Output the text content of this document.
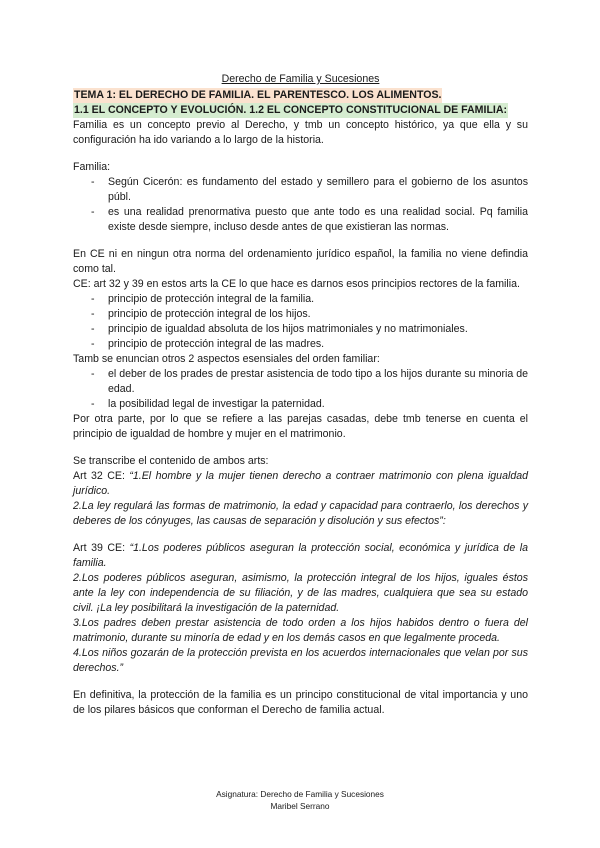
Derecho de Familia y Sucesiones
TEMA 1: EL DERECHO DE FAMILIA. EL PARENTESCO. LOS ALIMENTOS.
1.1 EL CONCEPTO Y EVOLUCIÓN. 1.2 EL CONCEPTO CONSTITUCIONAL DE FAMILIA:

Familia es un concepto previo al Derecho, y tmb un concepto histórico, ya que ella y su configuración ha ido variando a lo largo de la historia.

Familia:

- Según Cicerón: es fundamento del estado y semillero para el gobierno de los asuntos públ.
- es una realidad prenormativa puesto que ante todo es una realidad social. Pq familia existe desde siempre, incluso desde antes de que existieran las normas.

En CE ni en ningun otra norma del ordenamiento jurídico español, la familia no viene defindia como tal.

CE: art 32 y 39 en estos arts la CE lo que hace es darnos esos principios rectores de la familia.

- principio de protección integral de la familia.
- principio de protección integral de los hijos.
- principio de igualdad absoluta de los hijos matrimoniales y no matrimoniales.
- principio de protección integral de las madres.

Tamb se enuncian otros 2 aspectos esensiales del orden familiar:

- el deber de los prades de prestar asistencia de todo tipo a los hijos durante su minoria de edad.
- la posibilidad legal de investigar la paternidad.

Por otra parte, por lo que se refiere a las parejas casadas, debe tmb tenerse en cuenta el principio de igualdad de hombre y mujer en el matrimonio.

Se transcribe el contenido de ambos arts:

Art 32 CE: “1.El hombre y la mujer tienen derecho a contraer matrimonio con plena igualdad jurídico.

2.La ley regulará las formas de matrimonio, la edad y capacidad para contraerlo, los derechos y deberes de los cónyuges, las causas de separación y disolución y sus efectos”:

Art 39 CE: “1.Los poderes públicos aseguran la protección social, económica y jurídica de la familia.

2.Los poderes públicos aseguran, asimismo, la protección integral de los hijos, iguales éstos ante la ley con independencia de su filiación, y de las madres, cualquiera que sea su estado civil. ¡La ley posibilitará la investigación de la paternidad.

3.Los padres deben prestar asistencia de todo orden a los hijos habidos dentro o fuera del matrimonio, durante su minoría de edad y en los demás casos en que legalmente proceda.

4.Los niños gozarán de la protección prevista en los acuerdos internacionales que velan por sus derechos.”

En definitiva, la protección de la familia es un principo constitucional de vital importancia y uno de los pilares básicos que conforman el Derecho de familia actual.

Asignatura: Derecho de Familia y Sucesiones
Maribel Serrano
